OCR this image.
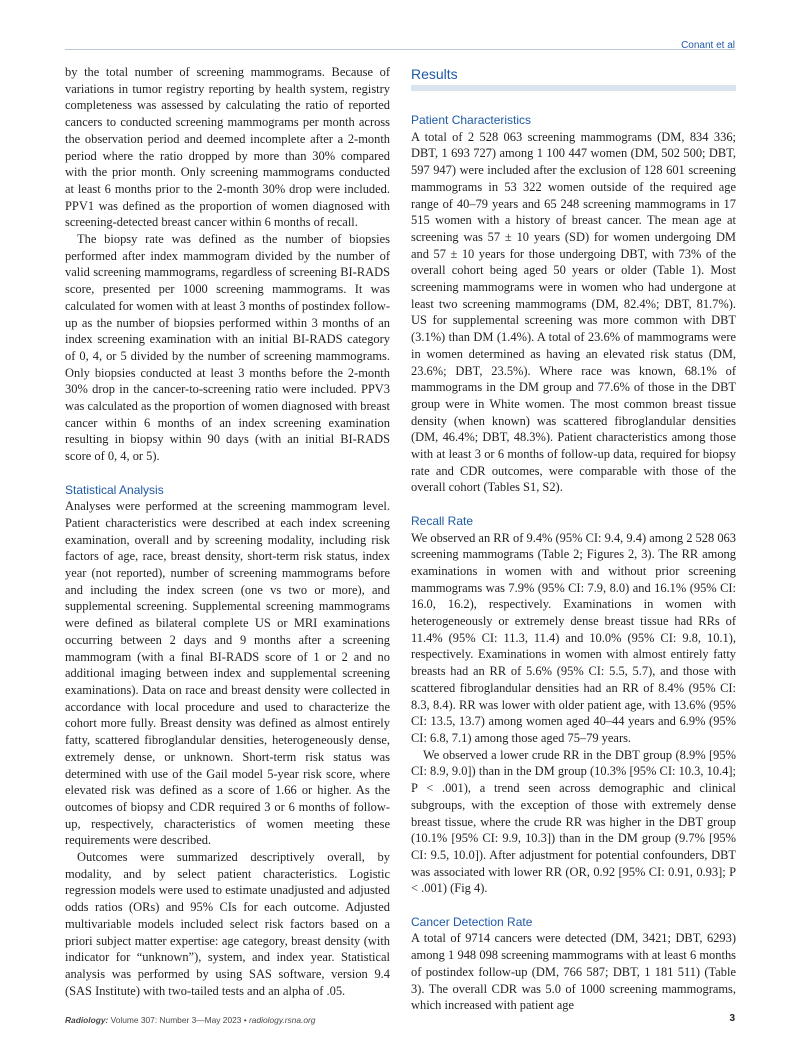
Conant et al

by the total number of screening mammograms. Because of variations in tumor registry reporting by health system, registry completeness was assessed by calculating the ratio of reported cancers to conducted screening mammograms per month across the observation period and deemed incomplete after a 2-month period where the ratio dropped by more than 30% compared with the prior month. Only screening mammograms conducted at least 6 months prior to the 2-month 30% drop were included. PPV1 was defined as the proportion of women diagnosed with screening-detected breast cancer within 6 months of recall.

The biopsy rate was defined as the number of biopsies performed after index mammogram divided by the number of valid screening mammograms, regardless of screening BI-RADS score, presented per 1000 screening mammograms. It was calculated for women with at least 3 months of postindex follow-up as the number of biopsies performed within 3 months of an index screening examination with an initial BI-RADS category of 0, 4, or 5 divided by the number of screening mammograms. Only biopsies conducted at least 3 months before the 2-month 30% drop in the cancer-to-screening ratio were included. PPV3 was calculated as the proportion of women diagnosed with breast cancer within 6 months of an index screening examination resulting in biopsy within 90 days (with an initial BI-RADS score of 0, 4, or 5).

Statistical Analysis

Analyses were performed at the screening mammogram level. Patient characteristics were described at each index screening examination, overall and by screening modality, including risk factors of age, race, breast density, short-term risk status, index year (not reported), number of screening mammograms before and including the index screen (one vs two or more), and supplemental screening. Supplemental screening mammograms were defined as bilateral complete US or MRI examinations occurring between 2 days and 9 months after a screening mammogram (with a final BI-RADS score of 1 or 2 and no additional imaging between index and supplemental screening examinations). Data on race and breast density were collected in accordance with local procedure and used to characterize the cohort more fully. Breast density was defined as almost entirely fatty, scattered fibroglandular densities, heterogeneously dense, extremely dense, or unknown. Short-term risk status was determined with use of the Gail model 5-year risk score, where elevated risk was defined as a score of 1.66 or higher. As the outcomes of biopsy and CDR required 3 or 6 months of follow-up, respectively, characteristics of women meeting these requirements were described.

Outcomes were summarized descriptively overall, by modality, and by select patient characteristics. Logistic regression models were used to estimate unadjusted and adjusted odds ratios (ORs) and 95% CIs for each outcome. Adjusted multivariable models included select risk factors based on a priori subject matter expertise: age category, breast density (with indicator for “unknown”), system, and index year. Statistical analysis was performed by using SAS software, version 9.4 (SAS Institute) with two-tailed tests and an alpha of .05.

Results
Patient Characteristics

A total of 2 528 063 screening mammograms (DM, 834 336; DBT, 1 693 727) among 1 100 447 women (DM, 502 500; DBT, 597 947) were included after the exclusion of 128 601 screening mammograms in 53 322 women outside of the required age range of 40–79 years and 65 248 screening mammograms in 17 515 women with a history of breast cancer. The mean age at screening was 57 ± 10 years (SD) for women undergoing DM and 57 ± 10 years for those undergoing DBT, with 73% of the overall cohort being aged 50 years or older (Table 1). Most screening mammograms were in women who had undergone at least two screening mammograms (DM, 82.4%; DBT, 81.7%). US for supplemental screening was more common with DBT (3.1%) than DM (1.4%). A total of 23.6% of mammograms were in women determined as having an elevated risk status (DM, 23.6%; DBT, 23.5%). Where race was known, 68.1% of mammograms in the DM group and 77.6% of those in the DBT group were in White women. The most common breast tissue density (when known) was scattered fibroglandular densities (DM, 46.4%; DBT, 48.3%). Patient characteristics among those with at least 3 or 6 months of follow-up data, required for biopsy rate and CDR outcomes, were comparable with those of the overall cohort (Tables S1, S2).

Recall Rate

We observed an RR of 9.4% (95% CI: 9.4, 9.4) among 2 528 063 screening mammograms (Table 2; Figures 2, 3). The RR among examinations in women with and without prior screening mammograms was 7.9% (95% CI: 7.9, 8.0) and 16.1% (95% CI: 16.0, 16.2), respectively. Examinations in women with heterogeneously or extremely dense breast tissue had RRs of 11.4% (95% CI: 11.3, 11.4) and 10.0% (95% CI: 9.8, 10.1), respectively. Examinations in women with almost entirely fatty breasts had an RR of 5.6% (95% CI: 5.5, 5.7), and those with scattered fibroglandular densities had an RR of 8.4% (95% CI: 8.3, 8.4). RR was lower with older patient age, with 13.6% (95% CI: 13.5, 13.7) among women aged 40–44 years and 6.9% (95% CI: 6.8, 7.1) among those aged 75–79 years.

We observed a lower crude RR in the DBT group (8.9% [95% CI: 8.9, 9.0]) than in the DM group (10.3% [95% CI: 10.3, 10.4]; P < .001), a trend seen across demographic and clinical subgroups, with the exception of those with extremely dense breast tissue, where the crude RR was higher in the DBT group (10.1% [95% CI: 9.9, 10.3]) than in the DM group (9.7% [95% CI: 9.5, 10.0]). After adjustment for potential confounders, DBT was associated with lower RR (OR, 0.92 [95% CI: 0.91, 0.93]; P < .001) (Fig 4).

Cancer Detection Rate

A total of 9714 cancers were detected (DM, 3421; DBT, 6293) among 1 948 098 screening mammograms with at least 6 months of postindex follow-up (DM, 766 587; DBT, 1 181 511) (Table 3). The overall CDR was 5.0 of 1000 screening mammograms, which increased with patient age

Radiology: Volume 307: Number 3—May 2023 • radiology.rsna.org	3
